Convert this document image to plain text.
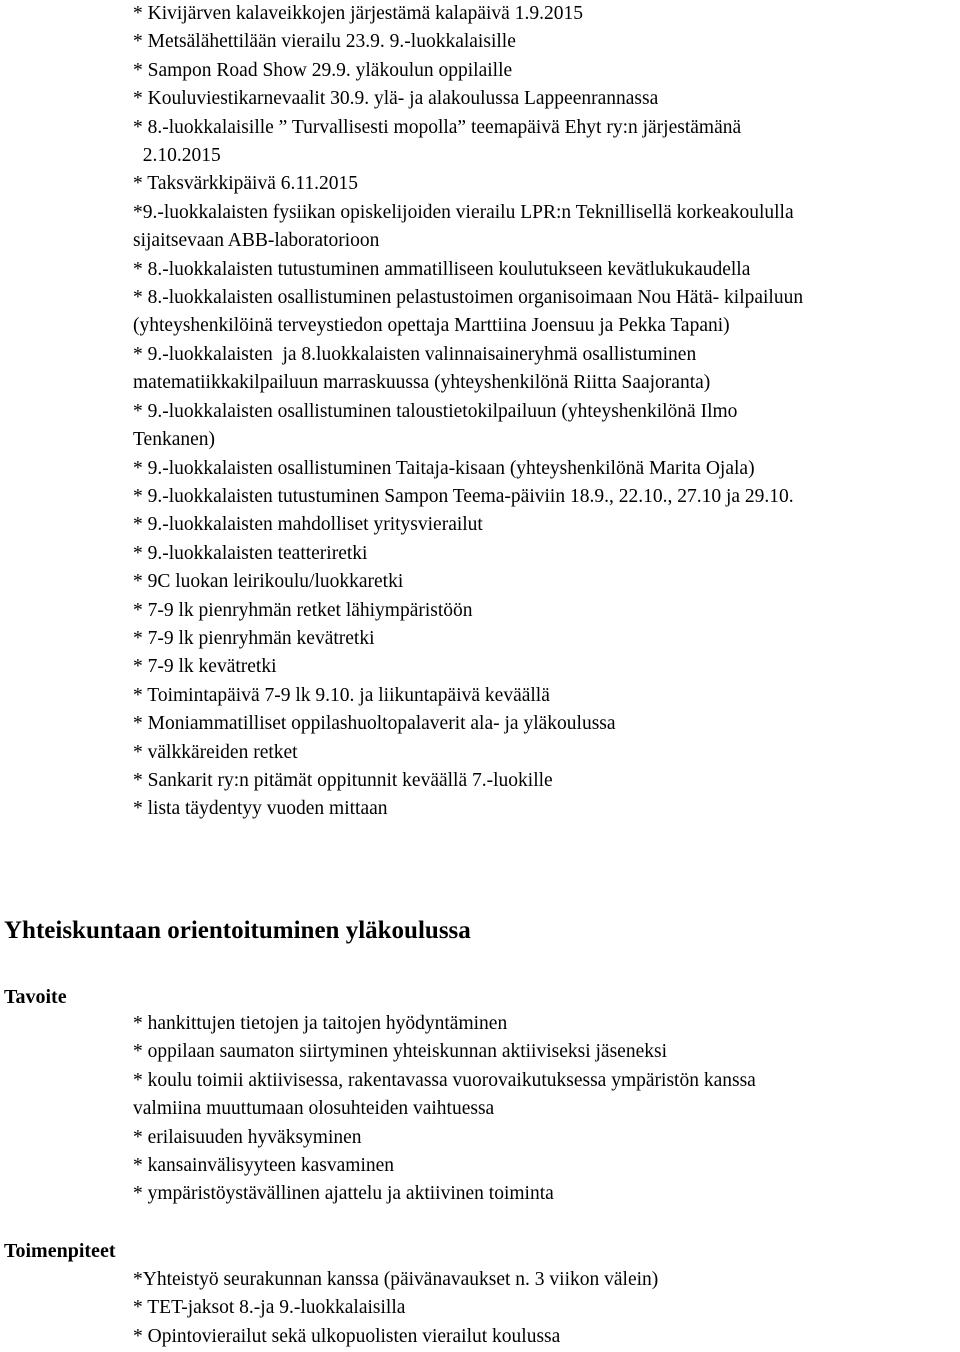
* Kivijärven kalaveikkojen järjestämä kalapäivä 1.9.2015
* Metsälähettilään vierailu 23.9. 9.-luokkalaisille
* Sampon Road Show 29.9. yläkoulun oppilaille
* Kouluviestikarnevaalit 30.9. ylä- ja alakoulussa Lappeenrannassa
* 8.-luokkalaisille ” Turvallisesti mopolla” teemapäivä Ehyt ry:n järjestämänä
2.10.2015
* Taksvärkkipäivä 6.11.2015
*9.-luokkalaisten fysiikan opiskelijoiden vierailu LPR:n Teknillisellä korkeakoululla
sijaitsevaan ABB-laboratorioon
* 8.-luokkalaisten tutustuminen ammatilliseen koulutukseen kevätlukukaudella
* 8.-luokkalaisten osallistuminen pelastustoimen organisoimaan Nou Hätä- kilpailuun
(yhteyshenkilöinä terveystiedon opettaja Marttiina Joensuu ja Pekka Tapani)
* 9.-luokkalaisten  ja 8.luokkalaisten valinnaisaineryhmä osallistuminen
matematiikkakilpailuun marraskuussa (yhteyshenkilönä Riitta Saajoranta)
* 9.-luokkalaisten osallistuminen taloustietokilpailuun (yhteyshenkilönä Ilmo
Tenkanen)
* 9.-luokkalaisten osallistuminen Taitaja-kisaan (yhteyshenkilönä Marita Ojala)
* 9.-luokkalaisten tutustuminen Sampon Teema-päiviin 18.9., 22.10., 27.10 ja 29.10.
* 9.-luokkalaisten mahdolliset yritysvierailut
* 9.-luokkalaisten teatteriretki
* 9C luokan leirikoulu/luokkaretki
* 7-9 lk pienryhmän retket lähiympäristöön
* 7-9 lk pienryhmän kevätretki
* 7-9 lk kevätretki
* Toimintapäivä 7-9 lk 9.10. ja liikuntapäivä keväällä
* Moniammatilliset oppilashuoltopalaverit ala- ja yläkoulussa
* välkkäreiden retket
* Sankarit ry:n pitämät oppitunnit keväällä 7.-luokille
* lista täydentyy vuoden mittaan
Yhteiskuntaan orientoituminen yläkoulussa
Tavoite
* hankittujen tietojen ja taitojen hyödyntäminen
* oppilaan saumaton siirtyminen yhteiskunnan aktiiviseksi jäseneksi
* koulu toimii aktiivisessa, rakentavassa vuorovaikutuksessa ympäristön kanssa
valmiina muuttumaan olosuhteiden vaihtuessa
* erilaisuuden hyväksyminen
* kansainvälisyyteen kasvaminen
* ympäristöystävällinen ajattelu ja aktiivinen toiminta
Toimenpiteet
*Yhteistyö seurakunnan kanssa (päivänavaukset n. 3 viikon välein)
* TET-jaksot 8.-ja 9.-luokkalaisilla
* Opintovierailut sekä ulkopuolisten vierailut koulussa
